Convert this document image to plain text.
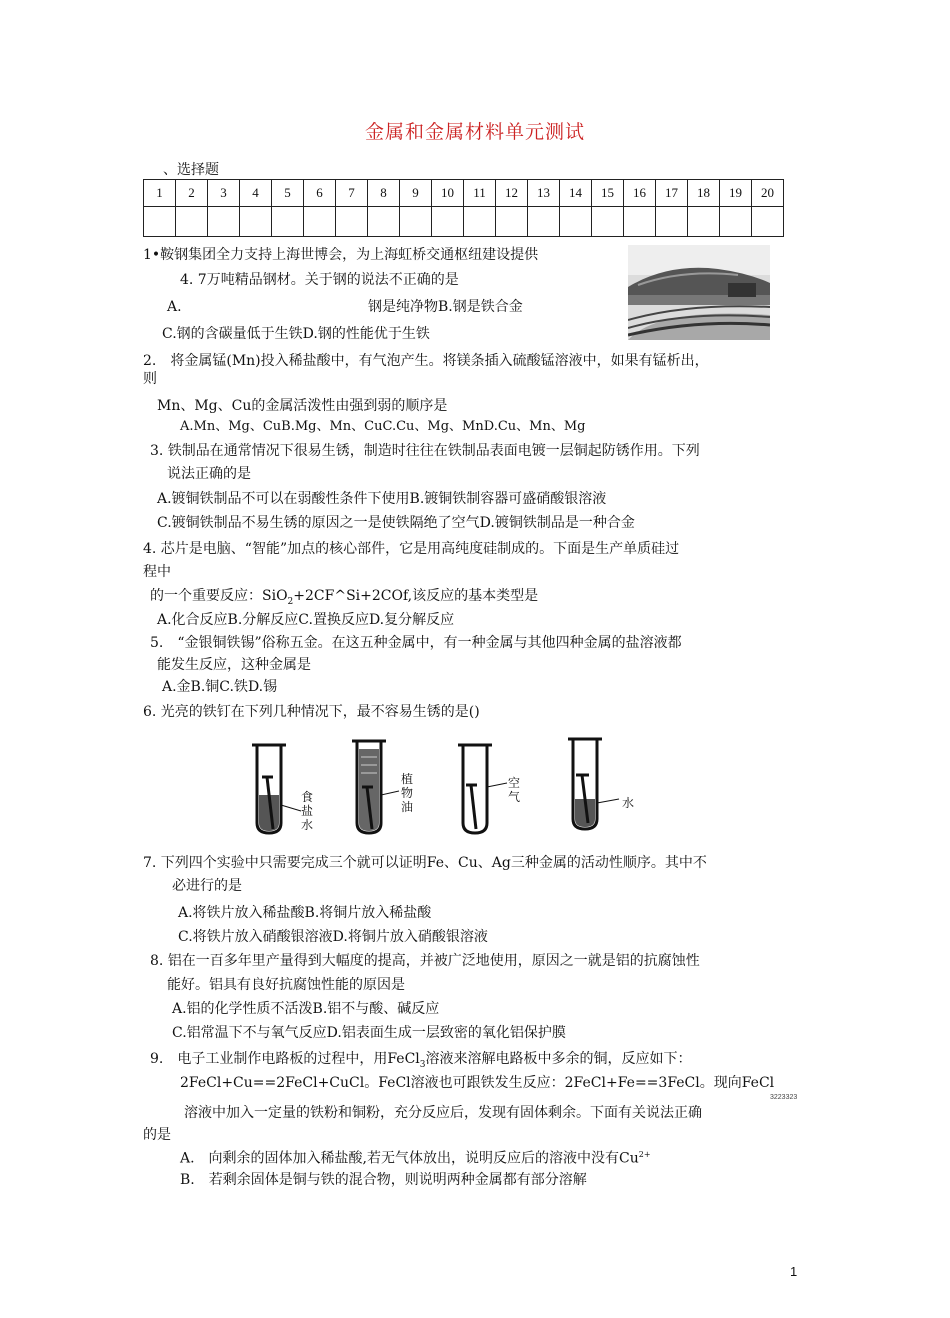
金属和金属材料单元测试
、选择题
1	2	3	4	5	6	7	8	9	10	11	12	13	14	15	16	17	18	19	20

1•鞍钢集团全力支持上海世博会，为上海虹桥交通枢纽建设提供
4. 7万吨精品钢材。关于钢的说法不正确的是
A.	钢是纯净物B.钢是铁合金
C.钢的含碳量低于生铁D.钢的性能优于生铁
2.　将金属锰(Mn)投入稀盐酸中，有气泡产生。将镁条插入硫酸锰溶液中，如果有锰析出，
则
Mn、Mg、Cu的金属活泼性由强到弱的顺序是
A.Mn、Mg、CuB.Mg、Mn、CuC.Cu、Mg、MnD.Cu、Mn、Mg
3. 铁制品在通常情况下很易生锈，制造时往往在铁制品表面电镀一层铜起防锈作用。下列
说法正确的是
A.镀铜铁制品不可以在弱酸性条件下使用B.镀铜铁制容器可盛硝酸银溶液
C.镀铜铁制品不易生锈的原因之一是使铁隔绝了空气D.镀铜铁制品是一种合金
4. 芯片是电脑、“智能”加点的核心部件，它是用高纯度硅制成的。下面是生产单质硅过
程中
的一个重要反应：SiO$_2$+2CF^Si+2COf,该反应的基本类型是
A.化合反应B.分解反应C.置换反应D.复分解反应
5.　“金银铜铁锡”俗称五金。在这五种金属中，有一种金属与其他四种金属的盐溶液都
能发生反应，这种金属是
A.金B.铜C.铁D.锡
6. 光亮的铁钉在下列几种情况下，最不容易生锈的是()
食盐水
植物油
空气	水
7. 下列四个实验中只需要完成三个就可以证明Fe、Cu、Ag三种金属的活动性顺序。其中不
必进行的是
A.将铁片放入稀盐酸B.将铜片放入稀盐酸
C.将铁片放入硝酸银溶液D.将铜片放入硝酸银溶液
8. 铝在一百多年里产量得到大幅度的提高，并被广泛地使用，原因之一就是铝的抗腐蚀性
能好。铝具有良好抗腐蚀性能的原因是
A.铝的化学性质不活泼B.铝不与酸、碱反应
C.铝常温下不与氧气反应D.铝表面生成一层致密的氧化铝保护膜
9.　电子工业制作电路板的过程中，用FeCl$_3$溶液来溶解电路板中多余的铜，反应如下：
2FeCl+Cu==2FeCl+CuCl。FeCl溶液也可跟铁发生反应：2FeCl+Fe==3FeCl。现向FeCl
3223323
溶液中加入一定量的铁粉和铜粉，充分反应后，发现有固体剩余。下面有关说法正确
的是
A.　向剩余的固体加入稀盐酸,若无气体放出，说明反应后的溶液中没有$Cu^{2+}$
B.　若剩余固体是铜与铁的混合物，则说明两种金属都有部分溶解
1
